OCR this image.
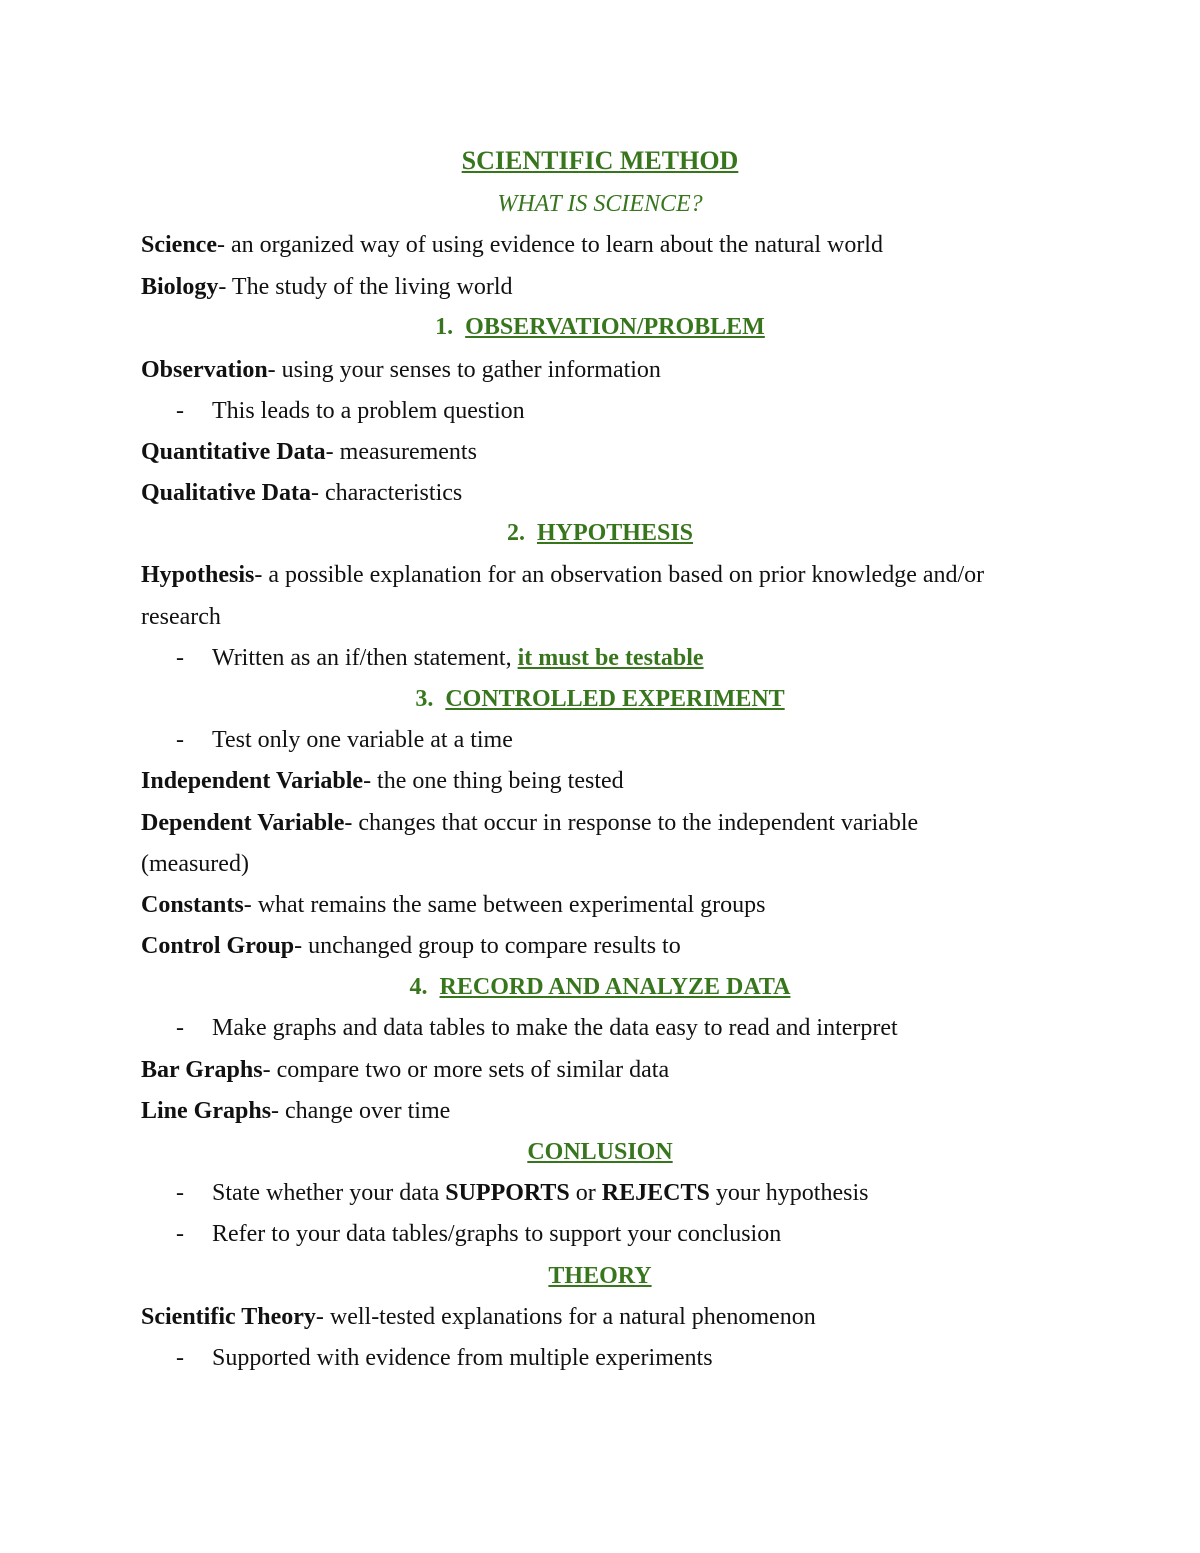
SCIENTIFIC METHOD
WHAT IS SCIENCE?
Science- an organized way of using evidence to learn about the natural world
Biology- The study of the living world
1. OBSERVATION/PROBLEM
Observation- using your senses to gather information
- This leads to a problem question
Quantitative Data- measurements
Qualitative Data- characteristics
2. HYPOTHESIS
Hypothesis- a possible explanation for an observation based on prior knowledge and/or
research
- Written as an if/then statement, it must be testable
3. CONTROLLED EXPERIMENT
- Test only one variable at a time
Independent Variable- the one thing being tested
Dependent Variable- changes that occur in response to the independent variable
(measured)
Constants- what remains the same between experimental groups
Control Group- unchanged group to compare results to
4. RECORD AND ANALYZE DATA
- Make graphs and data tables to make the data easy to read and interpret
Bar Graphs- compare two or more sets of similar data
Line Graphs- change over time
CONLUSION
- State whether your data SUPPORTS or REJECTS your hypothesis
- Refer to your data tables/graphs to support your conclusion
THEORY
Scientific Theory- well-tested explanations for a natural phenomenon
- Supported with evidence from multiple experiments
